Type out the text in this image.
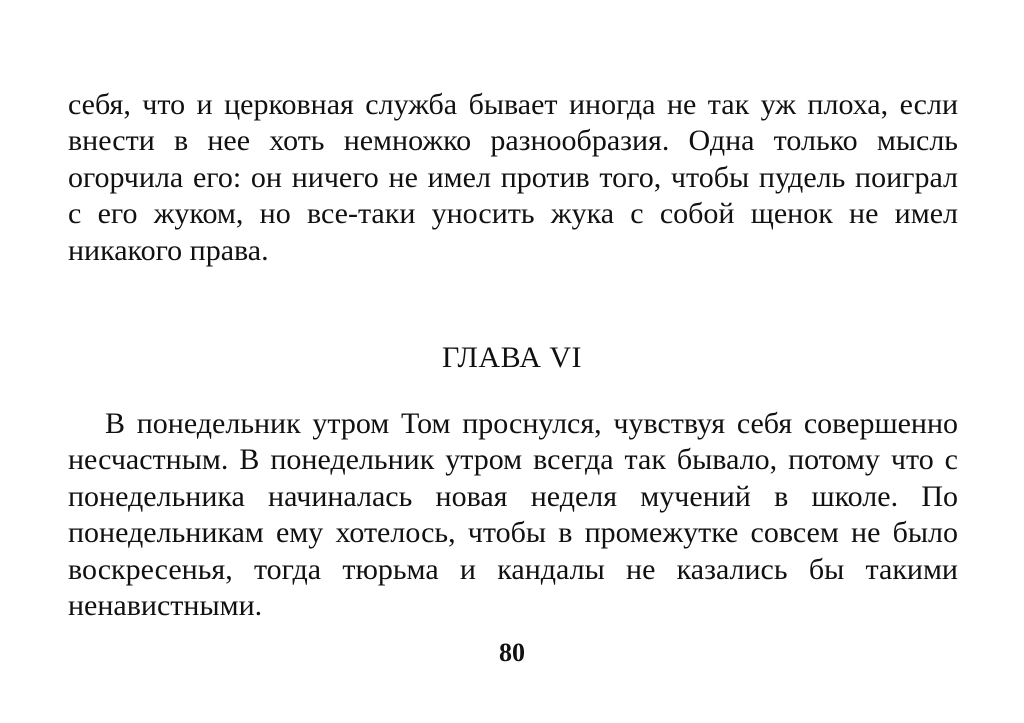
себя, что и церковная служба бывает иногда не так уж плоха, если
внести в нее хоть немножко разнообразия. Одна только мысль
огорчила его: он ничего не имел против того, чтобы пудель поиграл
с его жуком, но все-таки уносить жука с собой щенок не имел
никакого права.
ГЛАВА VI
В понедельник утром Том проснулся, чувствуя себя совершенно
несчастным. В понедельник утром всегда так бывало, потому что с
понедельника начиналась новая неделя мучений в школе. По
понедельникам ему хотелось, чтобы в промежутке совсем не было
воскресенья, тогда тюрьма и кандалы не казались бы такими
ненавистными.
80
